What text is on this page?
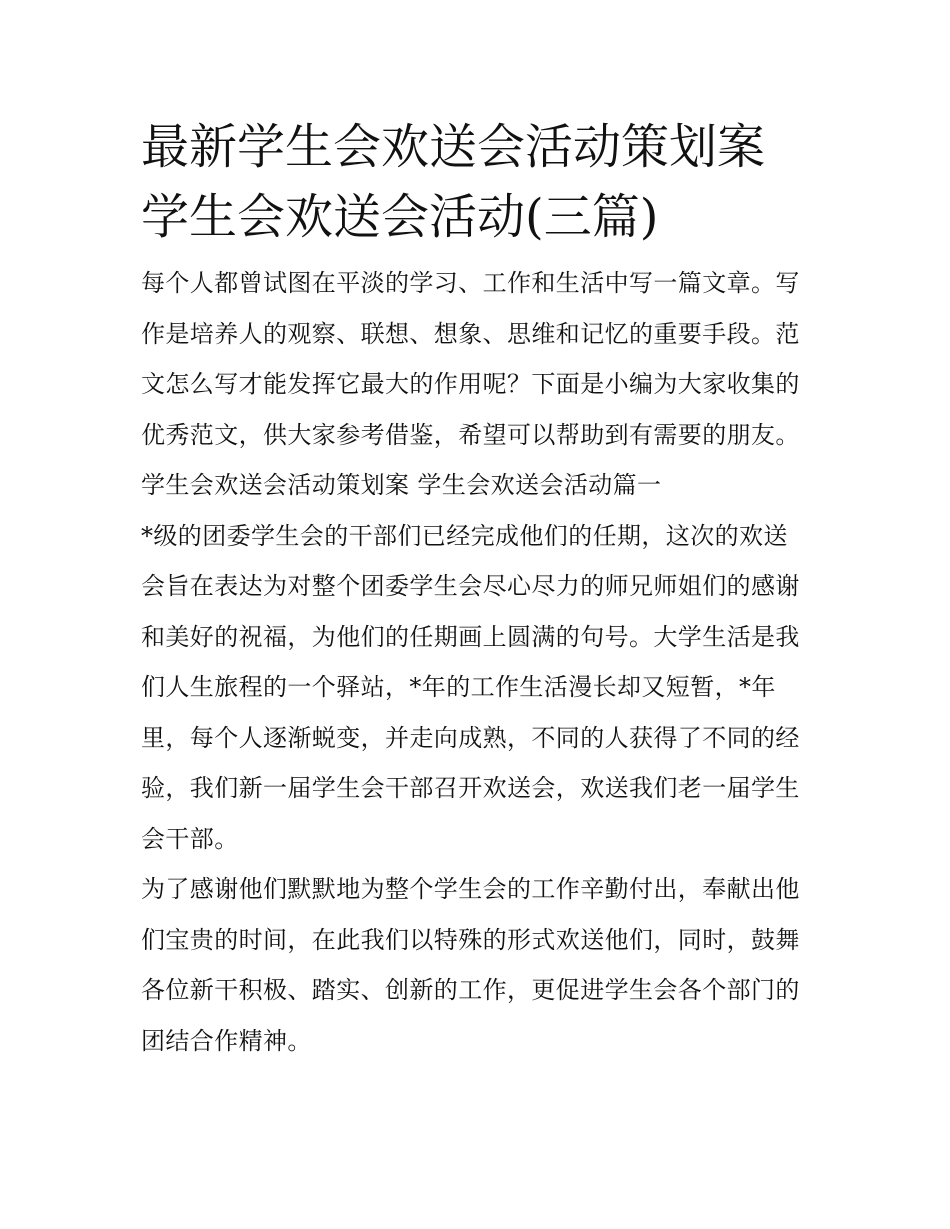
最新学生会欢送会活动策划案
学生会欢送会活动(三篇)

每个人都曾试图在平淡的学习、工作和生活中写一篇文章。写
作是培养人的观察、联想、想象、思维和记忆的重要手段。范
文怎么写才能发挥它最大的作用呢？下面是小编为大家收集的
优秀范文，供大家参考借鉴，希望可以帮助到有需要的朋友。

学生会欢送会活动策划案 学生会欢送会活动篇一

*级的团委学生会的干部们已经完成他们的任期，这次的欢送
会旨在表达为对整个团委学生会尽心尽力的师兄师姐们的感谢
和美好的祝福，为他们的任期画上圆满的句号。大学生活是我
们人生旅程的一个驿站，*年的工作生活漫长却又短暂，*年
里，每个人逐渐蜕变，并走向成熟，不同的人获得了不同的经
验，我们新一届学生会干部召开欢送会，欢送我们老一届学生
会干部。

为了感谢他们默默地为整个学生会的工作辛勤付出，奉献出他
们宝贵的时间，在此我们以特殊的形式欢送他们，同时，鼓舞
各位新干积极、踏实、创新的工作，更促进学生会各个部门的
团结合作精神。
